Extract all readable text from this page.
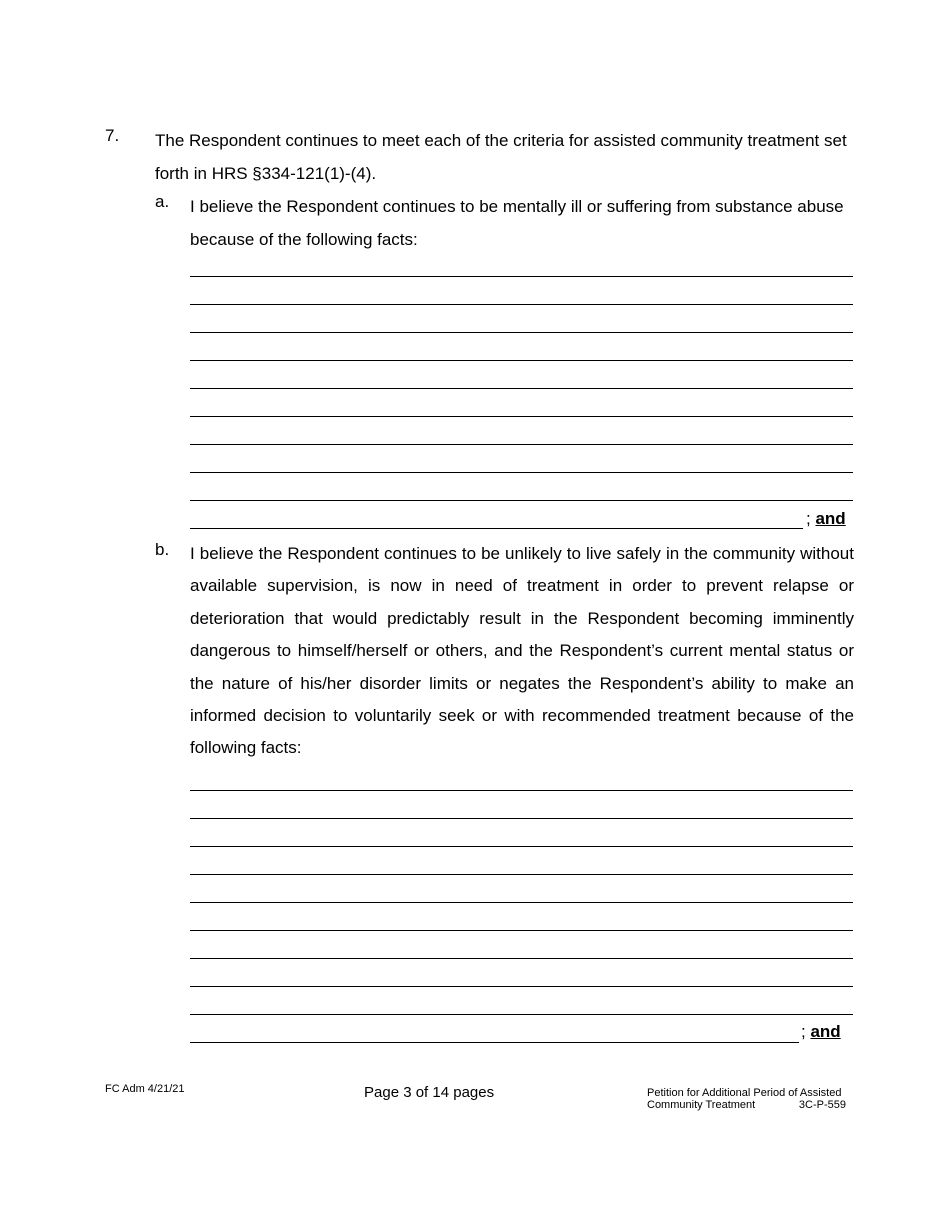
7. The Respondent continues to meet each of the criteria for assisted community treatment set forth in HRS §334-121(1)-(4).
a. I believe the Respondent continues to be mentally ill or suffering from substance abuse because of the following facts:
; and
b. I believe the Respondent continues to be unlikely to live safely in the community without available supervision, is now in need of treatment in order to prevent relapse or deterioration that would predictably result in the Respondent becoming imminently dangerous to himself/herself or others, and the Respondent’s current mental status or the nature of his/her disorder limits or negates the Respondent’s ability to make an informed decision to voluntarily seek or with recommended treatment because of the following facts:
; and
FC Adm 4/21/21	Page 3 of 14 pages	Petition for Additional Period of Assisted
Community Treatment	3C-P-559
